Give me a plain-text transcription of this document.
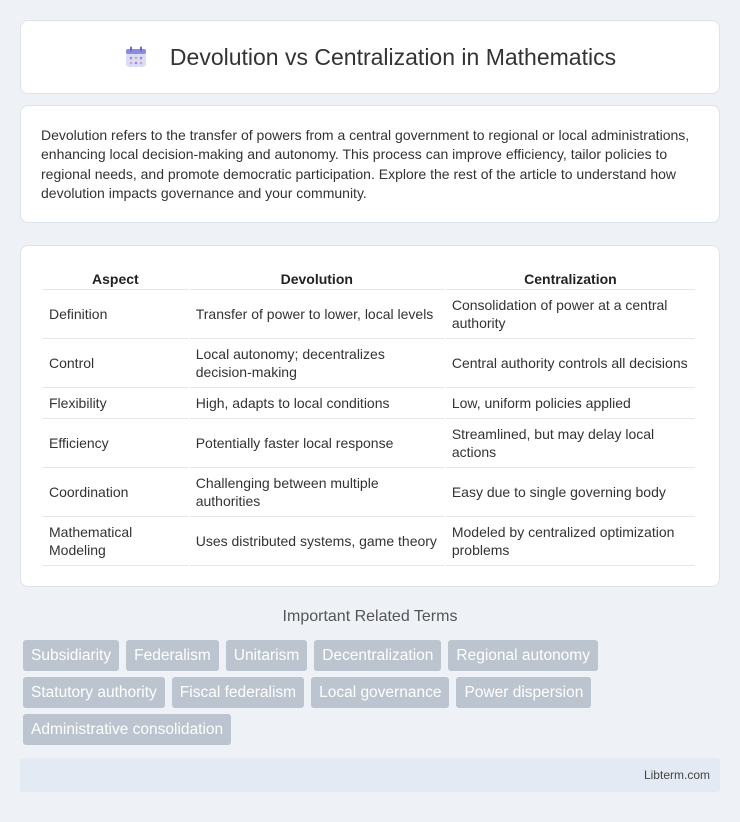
Devolution vs Centralization in Mathematics

Devolution refers to the transfer of powers from a central government to regional or local administrations, enhancing local decision-making and autonomy. This process can improve efficiency, tailor policies to regional needs, and promote democratic participation. Explore the rest of the article to understand how devolution impacts governance and your community.

Aspect	Devolution	Centralization
Definition	Transfer of power to lower, local levels	Consolidation of power at a central authority
Control	Local autonomy; decentralizes decision-making	Central authority controls all decisions
Flexibility	High, adapts to local conditions	Low, uniform policies applied
Efficiency	Potentially faster local response	Streamlined, but may delay local actions
Coordination	Challenging between multiple authorities	Easy due to single governing body
Mathematical Modeling	Uses distributed systems, game theory	Modeled by centralized optimization problems
Important Related Terms
Subsidiarity	Federalism	Unitarism	Decentralization	Regional autonomy
Statutory authority	Fiscal federalism	Local governance	Power dispersion
Administrative consolidation
Libterm.com
